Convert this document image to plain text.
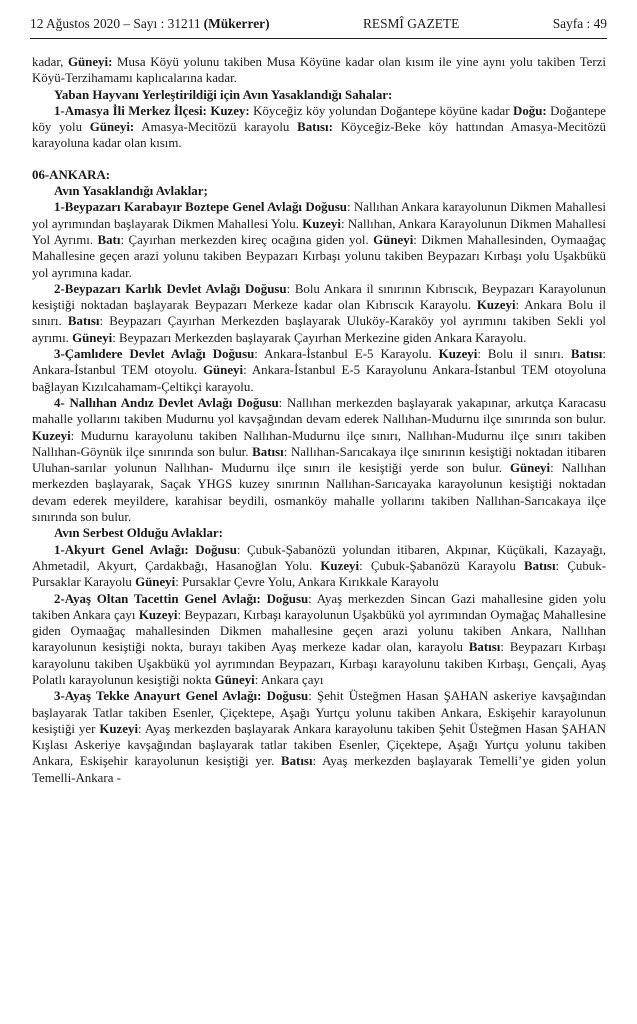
12 Ağustos 2020 – Sayı : 31211 (Mükerrer)	RESMÎ GAZETE	Sayfa : 49

kadar, Güneyi: Musa Köyü yolunu takiben Musa Köyüne kadar olan kısım ile yine aynı yolu takiben Terzi Köyü-Terzihamamı kaplıcalarına kadar.

Yaban Hayvanı Yerleştirildiği için Avın Yasaklandığı Sahalar:

1-Amasya İli Merkez İlçesi: Kuzey: Köyceğiz köy yolundan Doğantepe köyüne kadar Doğu: Doğantepe köy yolu Güneyi: Amasya-Mecitözü karayolu Batısı: Köyceğiz-Beke köy hattından Amasya-Mecitözü karayoluna kadar olan kısım.

06-ANKARA:

Avın Yasaklandığı Avlaklar;

1-Beypazarı Karabayır Boztepe Genel Avlağı Doğusu: Nallıhan Ankara karayolunun Dikmen Mahallesi yol ayrımından başlayarak Dikmen Mahallesi Yolu. Kuzeyi: Nallıhan, Ankara Karayolunun Dikmen Mahallesi Yol Ayrımı. Batı: Çayırhan merkezden kireç ocağına giden yol. Güneyi: Dikmen Mahallesinden, Oymaağaç Mahallesine geçen arazi yolunu takiben Beypazarı Kırbaşı yolunu takiben Beypazarı Kırbaşı yolu Uşakbükü yol ayrımına kadar.

2-Beypazarı Karlık Devlet Avlağı Doğusu: Bolu Ankara il sınırının Kıbrıscık, Beypazarı Karayolunun kesiştiği noktadan başlayarak Beypazarı Merkeze kadar olan Kıbrıscık Karayolu. Kuzeyi: Ankara Bolu il sınırı. Batısı: Beypazarı Çayırhan Merkezden başlayarak Uluköy-Karaköy yol ayrımını takiben Sekli yol ayrımı. Güneyi: Beypazarı Merkezden başlayarak Çayırhan Merkezine giden Ankara Karayolu.

3-Çamlıdere Devlet Avlağı Doğusu: Ankara-İstanbul E-5 Karayolu. Kuzeyi: Bolu il sınırı. Batısı: Ankara-İstanbul TEM otoyolu. Güneyi: Ankara-İstanbul E-5 Karayolunu Ankara-İstanbul TEM otoyoluna bağlayan Kızılcahamam-Çeltikçi karayolu.

4- Nallıhan Andız Devlet Avlağı Doğusu: Nallıhan merkezden başlayarak yakapınar, arkutça Karacasu mahalle yollarını takiben Mudurnu yol kavşağından devam ederek Nallıhan-Mudurnu ilçe sınırında son bulur. Kuzeyi: Mudurnu karayolunu takiben Nallıhan-Mudurnu ilçe sınırı, Nallıhan-Mudurnu ilçe sınırı takiben Nallıhan-Göynük ilçe sınırında son bulur. Batısı: Nallıhan-Sarıcakaya ilçe sınırının kesiştiği noktadan itibaren Uluhan-sarılar yolunun Nallıhan- Mudurnu ilçe sınırı ile kesiştiği yerde son bulur. Güneyi: Nallıhan merkezden başlayarak, Saçak YHGS kuzey sınırının Nallıhan-Sarıcayaka karayolunun kesiştiği noktadan devam ederek meyildere, karahisar beydili, osmanköy mahalle yollarını takiben Nallıhan-Sarıcakaya ilçe sınırında son bulur.

Avın Serbest Olduğu Avlaklar:

1-Akyurt Genel Avlağı: Doğusu: Çubuk-Şabanözü yolundan itibaren, Akpınar, Küçükali, Kazayağı, Ahmetadil, Akyurt, Çardakbağı, Hasanoğlan Yolu. Kuzeyi: Çubuk-Şabanözü Karayolu Batısı: Çubuk-Pursaklar Karayolu Güneyi: Pursaklar Çevre Yolu, Ankara Kırıkkale Karayolu

2-Ayaş Oltan Tacettin Genel Avlağı: Doğusu: Ayaş merkezden Sincan Gazi mahallesine giden yolu takiben Ankara çayı Kuzeyi: Beypazarı, Kırbaşı karayolunun Uşakbükü yol ayrımından Oymağaç Mahallesine giden Oymaağaç mahallesinden Dikmen mahallesine geçen arazi yolunu takiben Ankara, Nallıhan karayolunun kesiştiği nokta, burayı takiben Ayaş merkeze kadar olan, karayolu Batısı: Beypazarı Kırbaşı karayolunu takiben Uşakbükü yol ayrımından Beypazarı, Kırbaşı karayolunu takiben Kırbaşı, Gençali, Ayaş Polatlı karayolunun kesiştiği nokta Güneyi: Ankara çayı

3-Ayaş Tekke Anayurt Genel Avlağı: Doğusu: Şehit Üsteğmen Hasan ŞAHAN askeriye kavşağından başlayarak Tatlar takiben Esenler, Çiçektepe, Aşağı Yurtçu yolunu takiben Ankara, Eskişehir karayolunun kesiştiği yer Kuzeyi: Ayaş merkezden başlayarak Ankara karayolunu takiben Şehit Üsteğmen Hasan ŞAHAN Kışlası Askeriye kavşağından başlayarak tatlar takiben Esenler, Çiçektepe, Aşağı Yurtçu yolunu takiben Ankara, Eskişehir karayolunun kesiştiği yer. Batısı: Ayaş merkezden başlayarak Temelli’ye giden yolun Temelli-Ankara -
